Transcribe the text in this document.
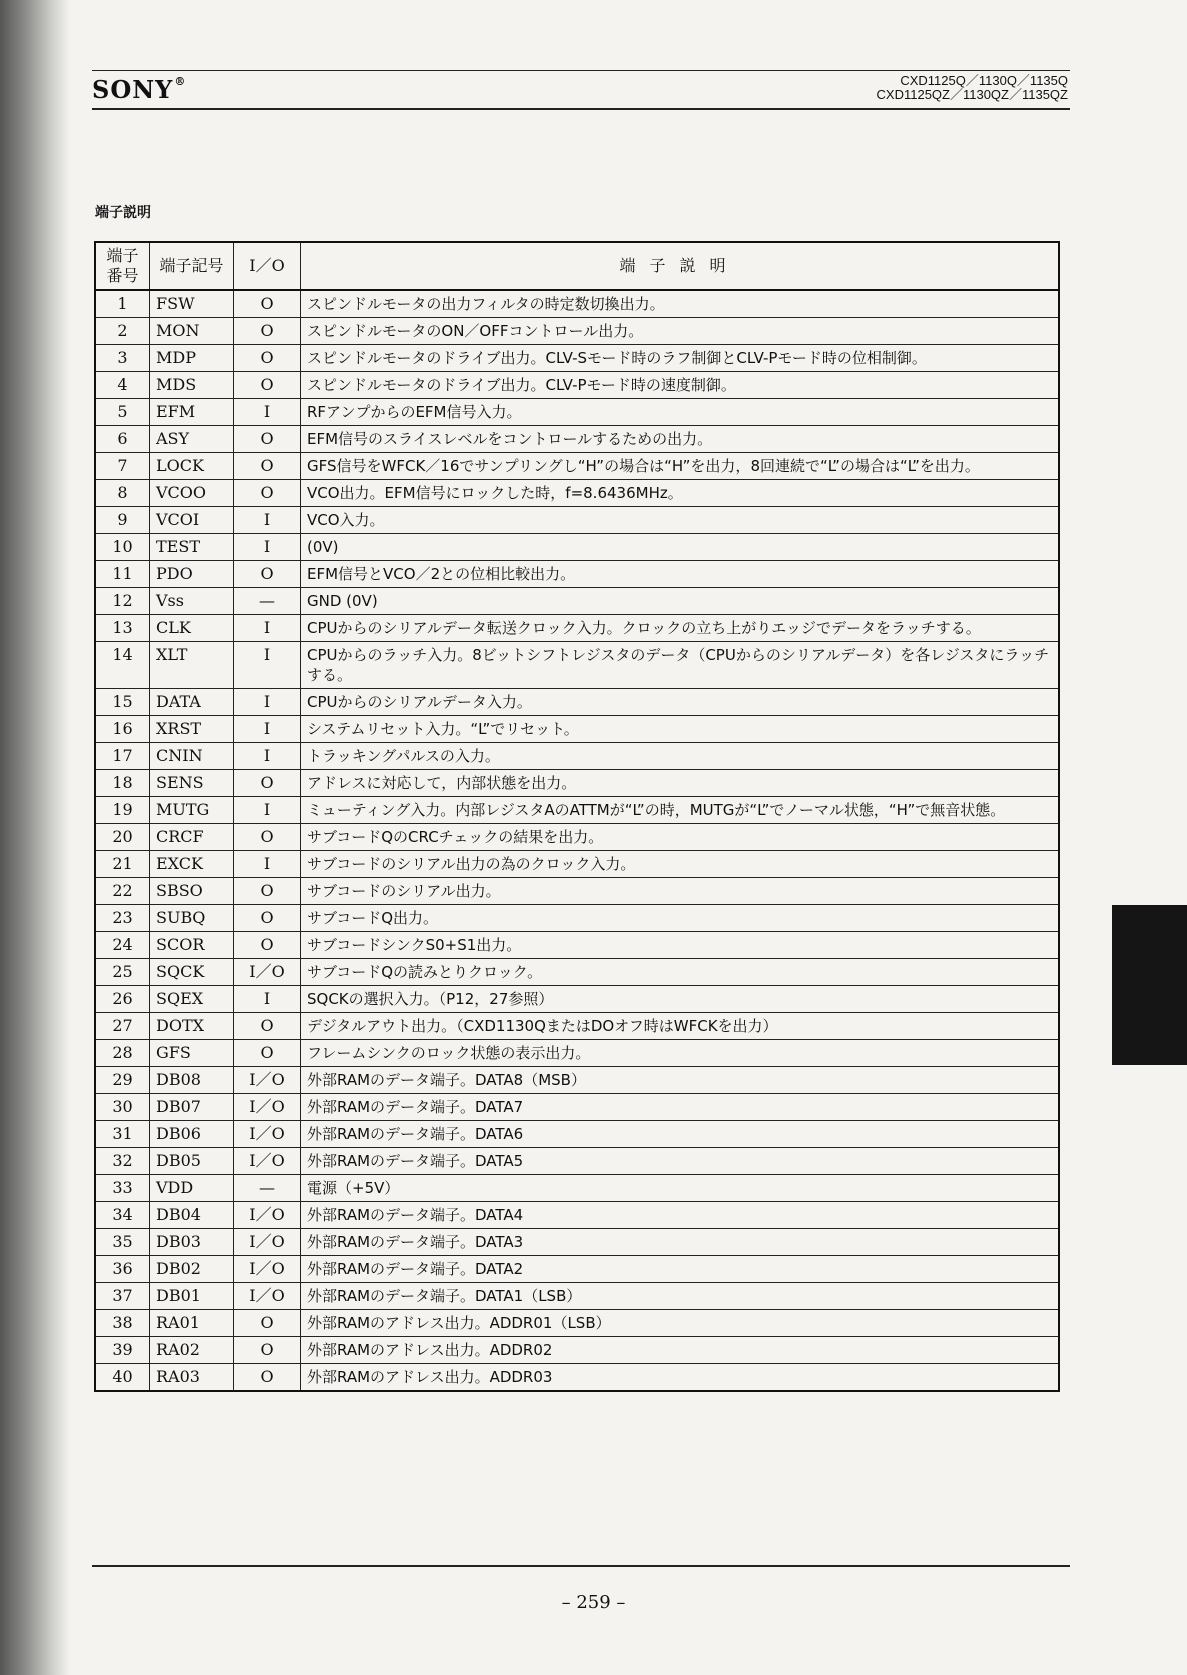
SONY®	CXD1125Q／1130Q／1135Q
CXD1125QZ／1130QZ／1135QZ
端子説明
端子番号	端子記号	I／O	端子説明
1	FSW	O	スピンドルモータの出力フィルタの時定数切換出力。
2	MON	O	スピンドルモータのON／OFFコントロール出力。
3	MDP	O	スピンドルモータのドライブ出力。CLV-Sモード時のラフ制御とCLV-Pモード時の位相制御。
4	MDS	O	スピンドルモータのドライブ出力。CLV-Pモード時の速度制御。
5	EFM	I	RFアンプからのEFM信号入力。
6	ASY	O	EFM信号のスライスレベルをコントロールするための出力。
7	LOCK	O	GFS信号をWFCK／16でサンプリングし“H”の場合は“H”を出力，8回連続で“L”の場合は“L”を出力。
8	VCOO	O	VCO出力。EFM信号にロックした時，f=8.6436MHz。
9	VCOI	I	VCO入力。
10	TEST	I	(0V)
11	PDO	O	EFM信号とVCO／2との位相比較出力。
12	Vss	—	GND (0V)
13	CLK	I	CPUからのシリアルデータ転送クロック入力。クロックの立ち上がりエッジでデータをラッチする。
14	XLT	I	CPUからのラッチ入力。8ビットシフトレジスタのデータ（CPUからのシリアルデータ）を各レジスタにラッチする。
15	DATA	I	CPUからのシリアルデータ入力。
16	XRST	I	システムリセット入力。“L”でリセット。
17	CNIN	I	トラッキングパルスの入力。
18	SENS	O	アドレスに対応して，内部状態を出力。
19	MUTG	I	ミューティング入力。内部レジスタAのATTMが“L”の時，MUTGが“L”でノーマル状態，“H”で無音状態。
20	CRCF	O	サブコードQのCRCチェックの結果を出力。
21	EXCK	I	サブコードのシリアル出力の為のクロック入力。
22	SBSO	O	サブコードのシリアル出力。
23	SUBQ	O	サブコードQ出力。
24	SCOR	O	サブコードシンクS0+S1出力。
25	SQCK	I／O	サブコードQの読みとりクロック。
26	SQEX	I	SQCKの選択入力。（P12，27参照）
27	DOTX	O	デジタルアウト出力。（CXD1130QまたはDOオフ時はWFCKを出力）
28	GFS	O	フレームシンクのロック状態の表示出力。
29	DB08	I／O	外部RAMのデータ端子。DATA8（MSB）
30	DB07	I／O	外部RAMのデータ端子。DATA7
31	DB06	I／O	外部RAMのデータ端子。DATA6
32	DB05	I／O	外部RAMのデータ端子。DATA5
33	VDD	—	電源（+5V）
34	DB04	I／O	外部RAMのデータ端子。DATA4
35	DB03	I／O	外部RAMのデータ端子。DATA3
36	DB02	I／O	外部RAMのデータ端子。DATA2
37	DB01	I／O	外部RAMのデータ端子。DATA1（LSB）
38	RA01	O	外部RAMのアドレス出力。ADDR01（LSB）
39	RA02	O	外部RAMのアドレス出力。ADDR02
40	RA03	O	外部RAMのアドレス出力。ADDR03
– 259 –
